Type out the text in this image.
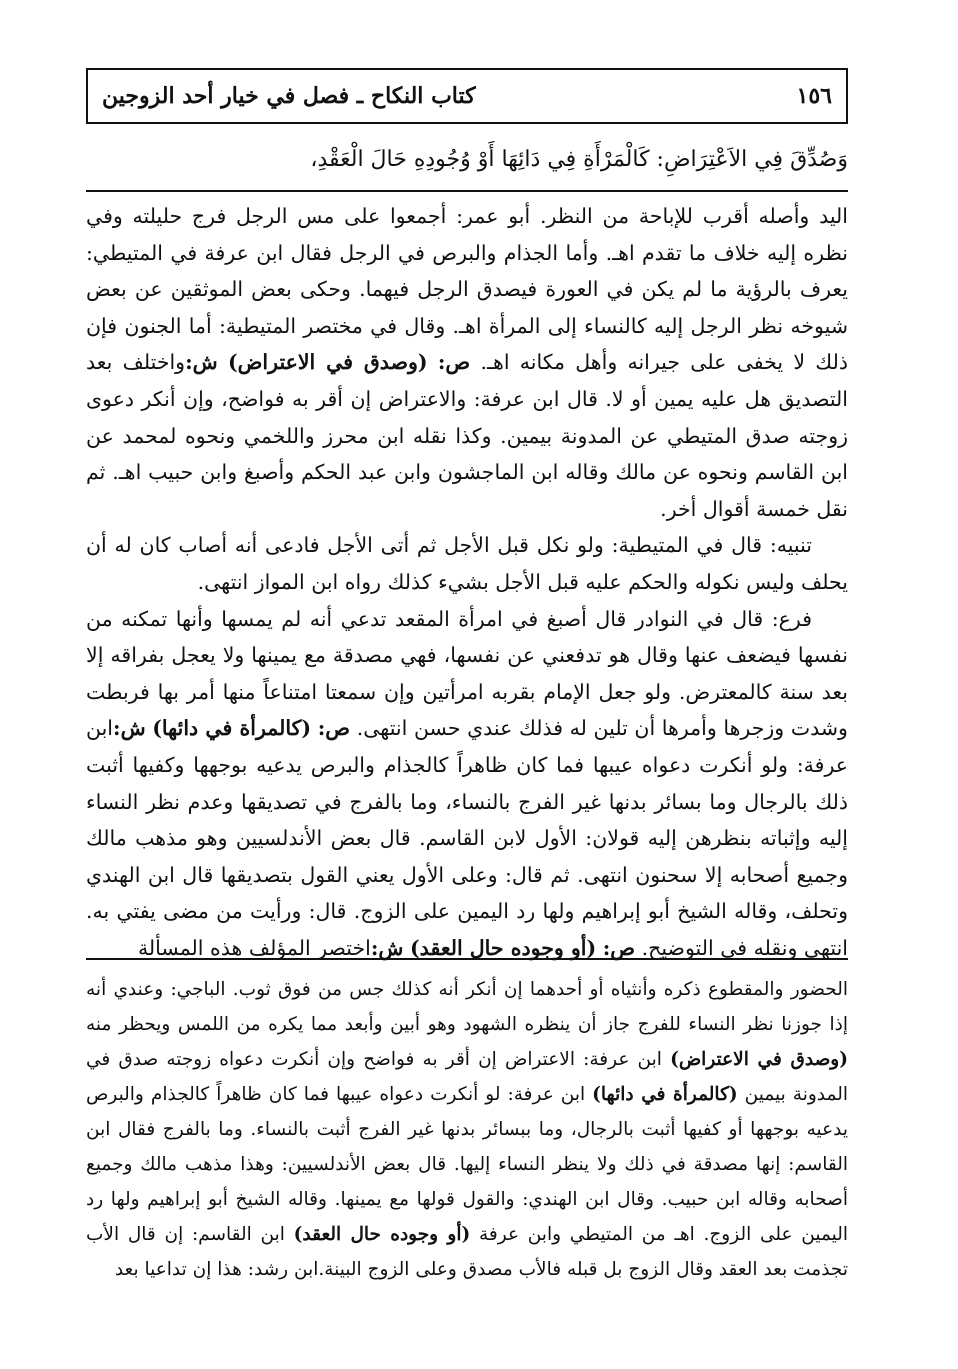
١٥٦
كتاب النكاح ـ فصل في خيار أحد الزوجين
وَصُدِّقَ فِي الاَعْتِرَاضِ: كَالْمَرْأَةِ فِي دَائِهَا أَوْ وُجُودِهِ حَالَ الْعَقْدِ،

اليد وأصله أقرب للإباحة من النظر. أبو عمر: أجمعوا على مس الرجل فرج حليلته وفي نظره إليه خلاف ما تقدم اهـ. وأما الجذام والبرص في الرجل فقال ابن عرفة في المتيطي: يعرف بالرؤية ما لم يكن في العورة فيصدق الرجل فيهما. وحكى بعض الموثقين عن بعض شيوخه نظر الرجل إليه كالنساء إلى المرأة اهـ. وقال في مختصر المتيطية: أما الجنون فإن ذلك لا يخفى على جيرانه وأهل مكانه اهـ. ص: (وصدق في الاعتراض) ش:واختلف بعد التصديق هل عليه يمين أو لا. قال ابن عرفة: والاعتراض إن أقر به فواضح، وإن أنكر دعوى زوجته صدق المتيطي عن المدونة بيمين. وكذا نقله ابن محرز واللخمي ونحوه لمحمد عن ابن القاسم ونحوه عن مالك وقاله ابن الماجشون وابن عبد الحكم وأصبغ وابن حبيب اهـ. ثم نقل خمسة أقوال أخر.

تنبيه: قال في المتيطية: ولو نكل قبل الأجل ثم أتى الأجل فادعى أنه أصاب كان له أن يحلف وليس نكوله والحكم عليه قبل الأجل بشيء كذلك رواه ابن المواز انتهى.

فرع: قال في النوادر قال أصبغ في امرأة المقعد تدعي أنه لم يمسها وأنها تمكنه من نفسها فيضعف عنها وقال هو تدفعني عن نفسها، فهي مصدقة مع يمينها ولا يعجل بفراقه إلا بعد سنة كالمعترض. ولو جعل الإمام بقربه امرأتين وإن سمعتا امتناعاً منها أمر بها فربطت وشدت وزجرها وأمرها أن تلين له فذلك عندي حسن انتهى. ص: (كالمرأة في دائها) ش:ابن عرفة: ولو أنكرت دعواه عيبها فما كان ظاهراً كالجذام والبرص يدعيه بوجهها وكفيها أثبت ذلك بالرجال وما بسائر بدنها غير الفرج بالنساء، وما بالفرج في تصديقها وعدم نظر النساء إليه وإثباته بنظرهن إليه قولان: الأول لابن القاسم. قال بعض الأندلسيين وهو مذهب مالك وجميع أصحابه إلا سحنون انتهى. ثم قال: وعلى الأول يعني القول بتصديقها قال ابن الهندي وتحلف، وقاله الشيخ أبو إبراهيم ولها رد اليمين على الزوج. قال: ورأيت من مضى يفتي به. انتهى ونقله في التوضيح. ص: (أو وجوده حال العقد) ش:اختصر المؤلف هذه المسألة

الحضور والمقطوع ذكره وأنثياه أو أحدهما إن أنكر أنه كذلك جس من فوق ثوب. الباجي: وعندي أنه إذا جوزنا نظر النساء للفرج جاز أن ينظره الشهود وهو أبين وأبعد مما يكره من اللمس ويحظر منه (وصدق في الاعتراض) ابن عرفة: الاعتراض إن أقر به فواضح وإن أنكرت دعواه زوجته صدق في المدونة بيمين (كالمرأة في دائها) ابن عرفة: لو أنكرت دعواه عيبها فما كان ظاهراً كالجذام والبرص يدعيه بوجهها أو كفيها أثبت بالرجال، وما ببسائر بدنها غير الفرج أثبت بالنساء. وما بالفرج فقال ابن القاسم: إنها مصدقة في ذلك ولا ينظر النساء إليها. قال بعض الأندلسيين: وهذا مذهب مالك وجميع أصحابه وقاله ابن حبيب. وقال ابن الهندي: والقول قولها مع يمينها. وقاله الشيخ أبو إبراهيم ولها رد اليمين على الزوج. اهـ من المتيطي وابن عرفة (أو وجوده حال العقد) ابن القاسم: إن قال الأب تجذمت بعد العقد وقال الزوج بل قبله فالأب مصدق وعلى الزوج البينة.ابن رشد: هذا إن تداعيا بعد
